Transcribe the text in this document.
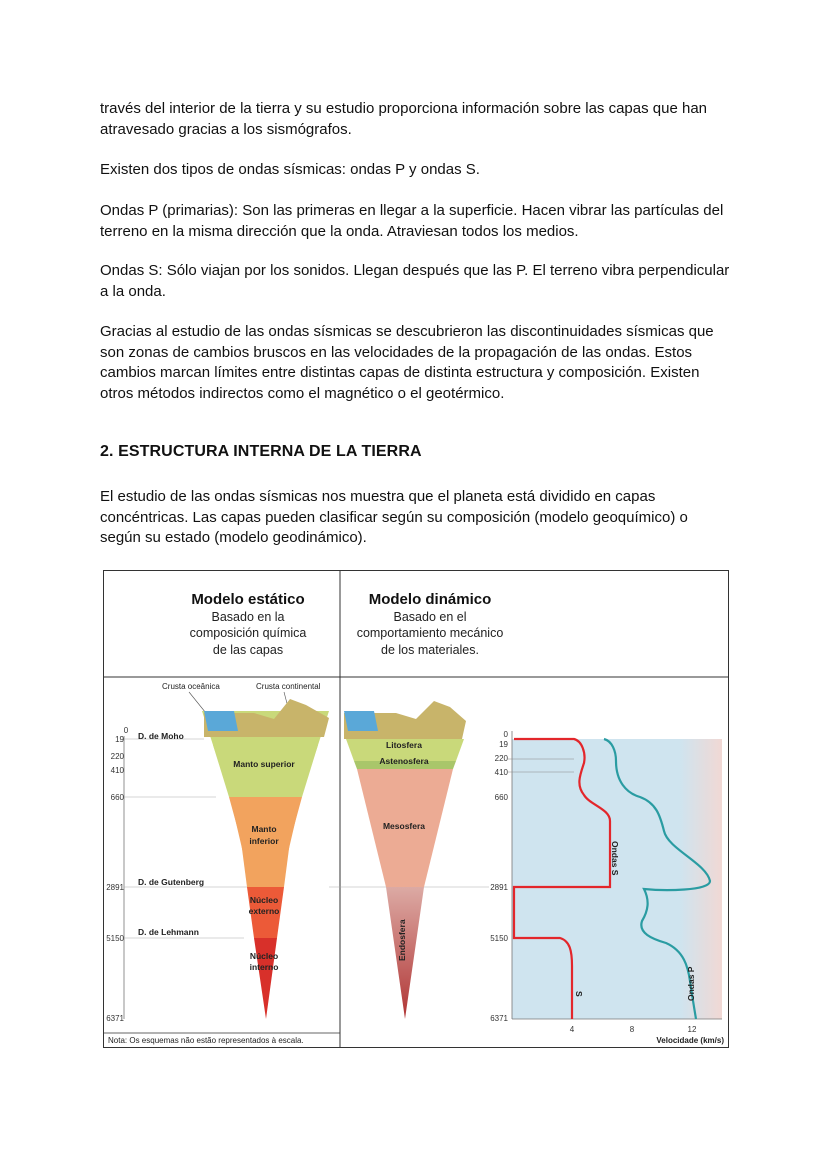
través del interior de la tierra y su estudio proporciona información sobre las capas que han atravesado gracias a los sismógrafos.

Existen dos tipos de ondas sísmicas: ondas P y ondas S.

Ondas P (primarias): Son las primeras en llegar a la superficie. Hacen vibrar las partículas del terreno en la misma dirección que la onda. Atraviesan todos los medios.

Ondas S: Sólo viajan por los sonidos. Llegan después que las P. El terreno vibra perpendicular a la onda.

Gracias al estudio de las ondas sísmicas se descubrieron las discontinuidades sísmicas que son zonas de cambios bruscos en las velocidades de la propagación de las ondas. Estos cambios marcan límites entre distintas capas de distinta estructura y composición. Existen otros métodos indirectos como el magnético o el geotérmico.

2. ESTRUCTURA INTERNA DE LA TIERRA

El estudio de las ondas sísmicas nos muestra que el planeta está dividido en capas concéntricas. Las capas pueden clasificar según su composición (modelo geoquímico) o según su estado (modelo geodinámico).

Modelo estático
Basado en la
composición química
de las capas
Modelo dinámico
Basado en el
comportamiento mecánico
de los materiales.
Crusta oceânica	Crusta continental
0
19
220
410
660
2891
5150
6371
D. de Moho
D. de Gutenberg
D. de Lehmann
Manto superior
Manto
inferior
Núcleo
externo
Núcleo
interno
Litosfera
Astenosfera
Mesosfera
Endosfera
0
19
220
410
660
2891
5150
6371
Ondas S
S	Ondas P
4	8	12
Velocidade (km/s)
Nota: Os esquemas não estão representados à escala.
